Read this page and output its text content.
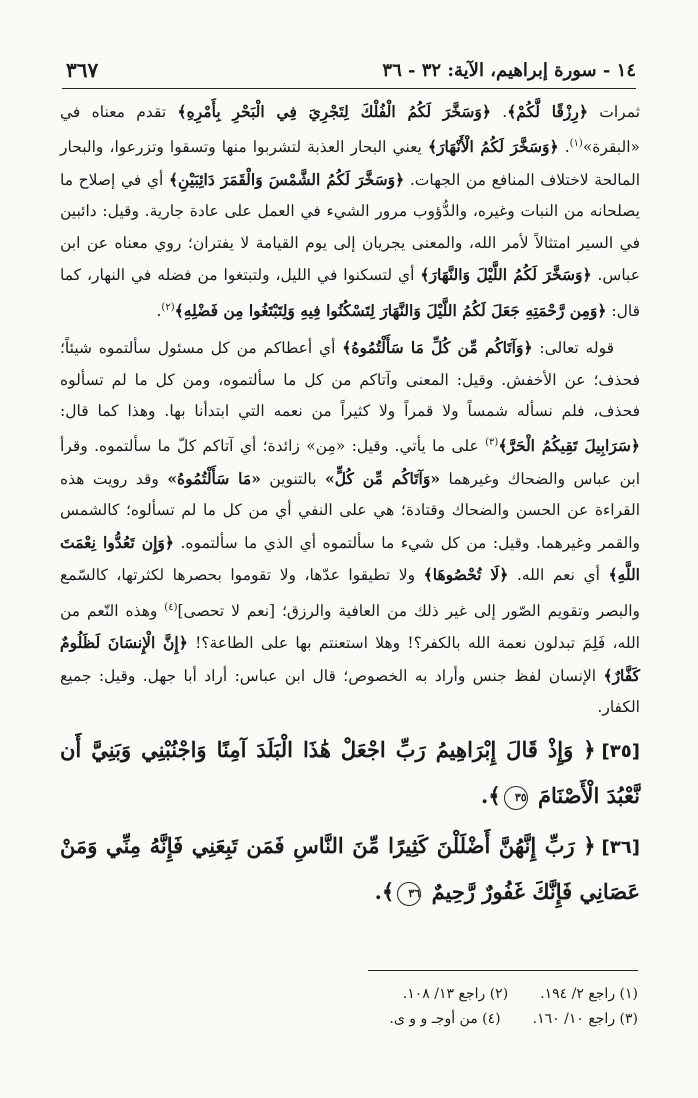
٣٦٧	١٤ - سورة إبراهيم، الآية: ٣٢ - ٣٦

ثمرات ﴿رِزْقًا لَّكُمْ﴾. ﴿وَسَخَّرَ لَكُمُ الْفُلْكَ لِتَجْرِيَ فِي الْبَحْرِ بِأَمْرِهِ﴾ تقدم معناه في «البقرة»$^{(١)}$. ﴿وَسَخَّرَ لَكُمُ الْأَنْهَارَ﴾ يعني البحار العذبة لتشربوا منها وتسقوا وتزرعوا، والبحار المالحة لاختلاف المنافع من الجهات. ﴿وَسَخَّرَ لَكُمُ الشَّمْسَ وَالْقَمَرَ دَائِبَيْنِ﴾ أي في إصلاح ما يصلحانه من النبات وغيره، والدُّؤوب مرور الشيء في العمل على عادة جارية. وقيل: دائبين في السير امتثالاً لأمر الله، والمعنى يجريان إلى يوم القيامة لا يفتران؛ روي معناه عن ابن عباس. ﴿وَسَخَّرَ لَكُمُ اللَّيْلَ وَالنَّهَارَ﴾ أي لتسكنوا في الليل، ولتبتغوا من فضله في النهار، كما قال: ﴿وَمِن رَّحْمَتِهِ جَعَلَ لَكُمُ اللَّيْلَ وَالنَّهَارَ لِتَسْكُنُوا فِيهِ وَلِتَبْتَغُوا مِن فَضْلِهِ﴾$^{(٢)}$.

قوله تعالى: ﴿وَآتَاكُم مِّن كُلِّ مَا سَأَلْتُمُوهُ﴾ أي أعطاكم من كل مسئول سألتموه شيئاً؛ فحذف؛ عن الأخفش. وقيل: المعنى وآتاكم من كل ما سألتموه، ومن كل ما لم تسألوه فحذف، فلم نسأله شمساً ولا قمراً ولا كثيراً من نعمه التي ابتدأنا بها. وهذا كما قال: ﴿سَرَابِيلَ تَقِيكُمُ الْحَرَّ﴾$^{(٣)}$ على ما يأتي. وقيل: «مِن» زائدة؛ أي آتاكم كلّ ما سألتموه. وقرأ ابن عباس والضحاك وغيرهما «وَآتَاكُم مِّن كُلٍّ» بالتنوين «مَا سَأَلْتُمُوهُ» وقد رويت هذه القراءة عن الحسن والضحاك وقتادة؛ هي على النفي أي من كل ما لم تسألوه؛ كالشمس والقمر وغيرهما. وقيل: من كل شيء ما سألتموه أي الذي ما سألتموه. ﴿وَإِن تَعُدُّوا نِعْمَتَ اللَّهِ﴾ أي نعم الله. ﴿لَا تُحْصُوهَا﴾ ولا تطيقوا عدّها، ولا تقوموا بحصرها لكثرتها، كالسّمع والبصر وتقويم الصّور إلى غير ذلك من العافية والرزق؛ [نعم لا تحصى]$^{(٤)}$ وهذه النّعم من الله، فَلِمَ تبدلون نعمة الله بالكفر؟! وهلا استعنتم بها على الطاعة؟! ﴿إِنَّ الْإِنسَانَ لَظَلُومٌ كَفَّارٌ﴾ الإنسان لفظ جنس وأراد به الخصوص؛ قال ابن عباس: أراد أبا جهل. وقيل: جميع الكفار.

[٣٥]﴿ وَإِذْ قَالَ إِبْرَاهِيمُ رَبِّ اجْعَلْ هَٰذَا الْبَلَدَ آمِنًا وَاجْنُبْنِي وَبَنِيَّ أَن نَّعْبُدَ الْأَصْنَامَ ٣٥﴾.
[٣٦]﴿ رَبِّ إِنَّهُنَّ أَضْلَلْنَ كَثِيرًا مِّنَ النَّاسِ فَمَن تَبِعَنِي فَإِنَّهُ مِنِّي وَمَنْ عَصَانِي فَإِنَّكَ غَفُورٌ رَّحِيمٌ ٣٦﴾.
(١) راجع ٢/ ١٩٤.(٢) راجع ١٣/ ١٠٨.
(٣) راجع ١٠/ ١٦٠.(٤) من أوجـ و و ى.
